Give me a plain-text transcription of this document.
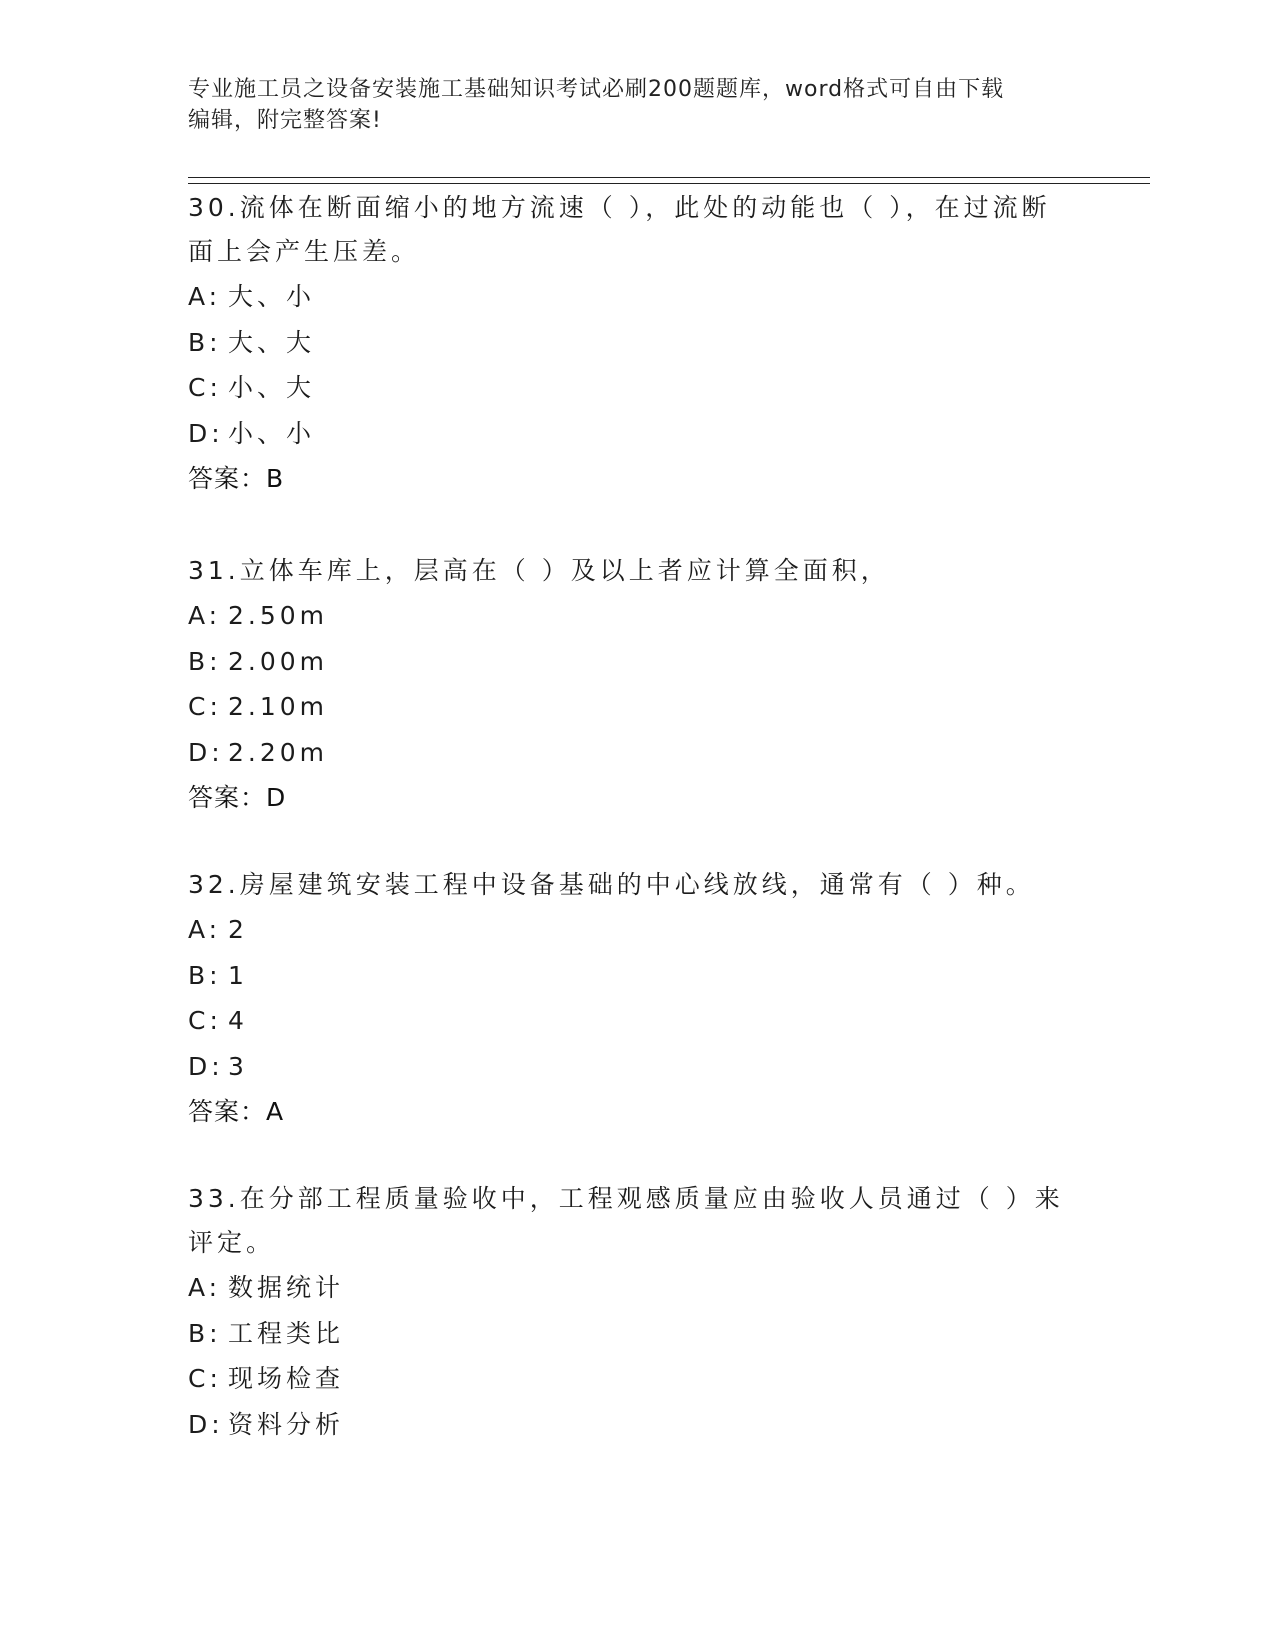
专业施工员之设备安装施工基础知识考试必刷200题题库，word格式可自由下载
编辑，附完整答案!
30.流体在断面缩小的地方流速（ ），此处的动能也（ ），在过流断
面上会产生压差。
A: 大、小
B: 大、大
C: 小、大
D: 小、小
答案：B
31.立体车库上，层高在（ ）及以上者应计算全面积，
A: 2.50m
B: 2.00m
C: 2.10m
D: 2.20m
答案：D
32.房屋建筑安装工程中设备基础的中心线放线，通常有（ ）种。
A: 2
B: 1
C: 4
D: 3
答案：A
33.在分部工程质量验收中，工程观感质量应由验收人员通过（ ）来
评定。
A: 数据统计
B: 工程类比
C: 现场检查
D: 资料分析
